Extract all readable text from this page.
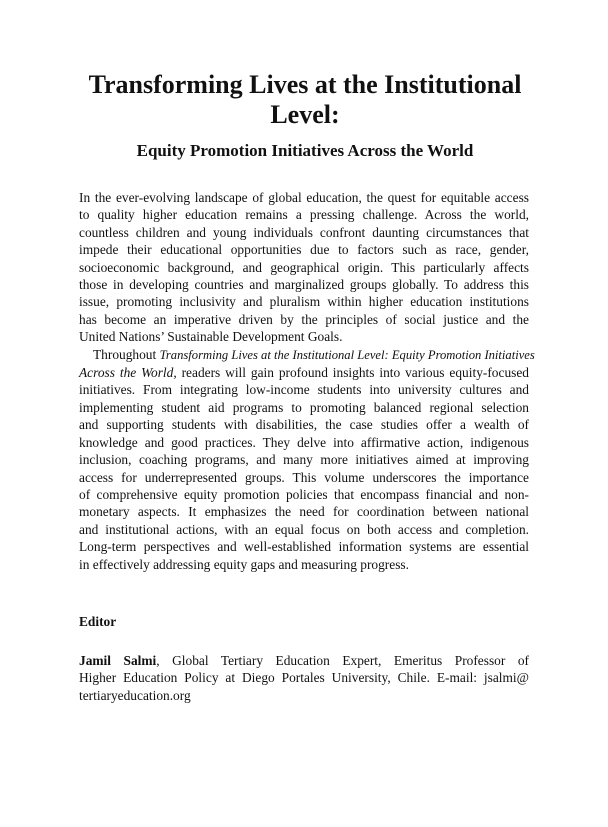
Transforming Lives at the Institutional
Level:
Equity Promotion Initiatives Across the World
In the ever-evolving landscape of global education, the quest for equitable access
to quality higher education remains a pressing challenge. Across the world,
countless children and young individuals confront daunting circumstances that
impede their educational opportunities due to factors such as race, gender,
socioeconomic background, and geographical origin. This particularly affects
those in developing countries and marginalized groups globally. To address this
issue, promoting inclusivity and pluralism within higher education institutions
has become an imperative driven by the principles of social justice and the
United Nations’ Sustainable Development Goals.
Throughout Transforming Lives at the Institutional Level: Equity Promotion Initiatives
Across the World, readers will gain profound insights into various equity-focused
initiatives. From integrating low-income students into university cultures and
implementing student aid programs to promoting balanced regional selection
and supporting students with disabilities, the case studies offer a wealth of
knowledge and good practices. They delve into affirmative action, indigenous
inclusion, coaching programs, and many more initiatives aimed at improving
access for underrepresented groups. This volume underscores the importance
of comprehensive equity promotion policies that encompass financial and non-
monetary aspects. It emphasizes the need for coordination between national
and institutional actions, with an equal focus on both access and completion.
Long-term perspectives and well-established information systems are essential
in effectively addressing equity gaps and measuring progress.
Editor
Jamil Salmi, Global Tertiary Education Expert, Emeritus Professor of
Higher Education Policy at Diego Portales University, Chile. E-mail: jsalmi@
tertiaryeducation.org
